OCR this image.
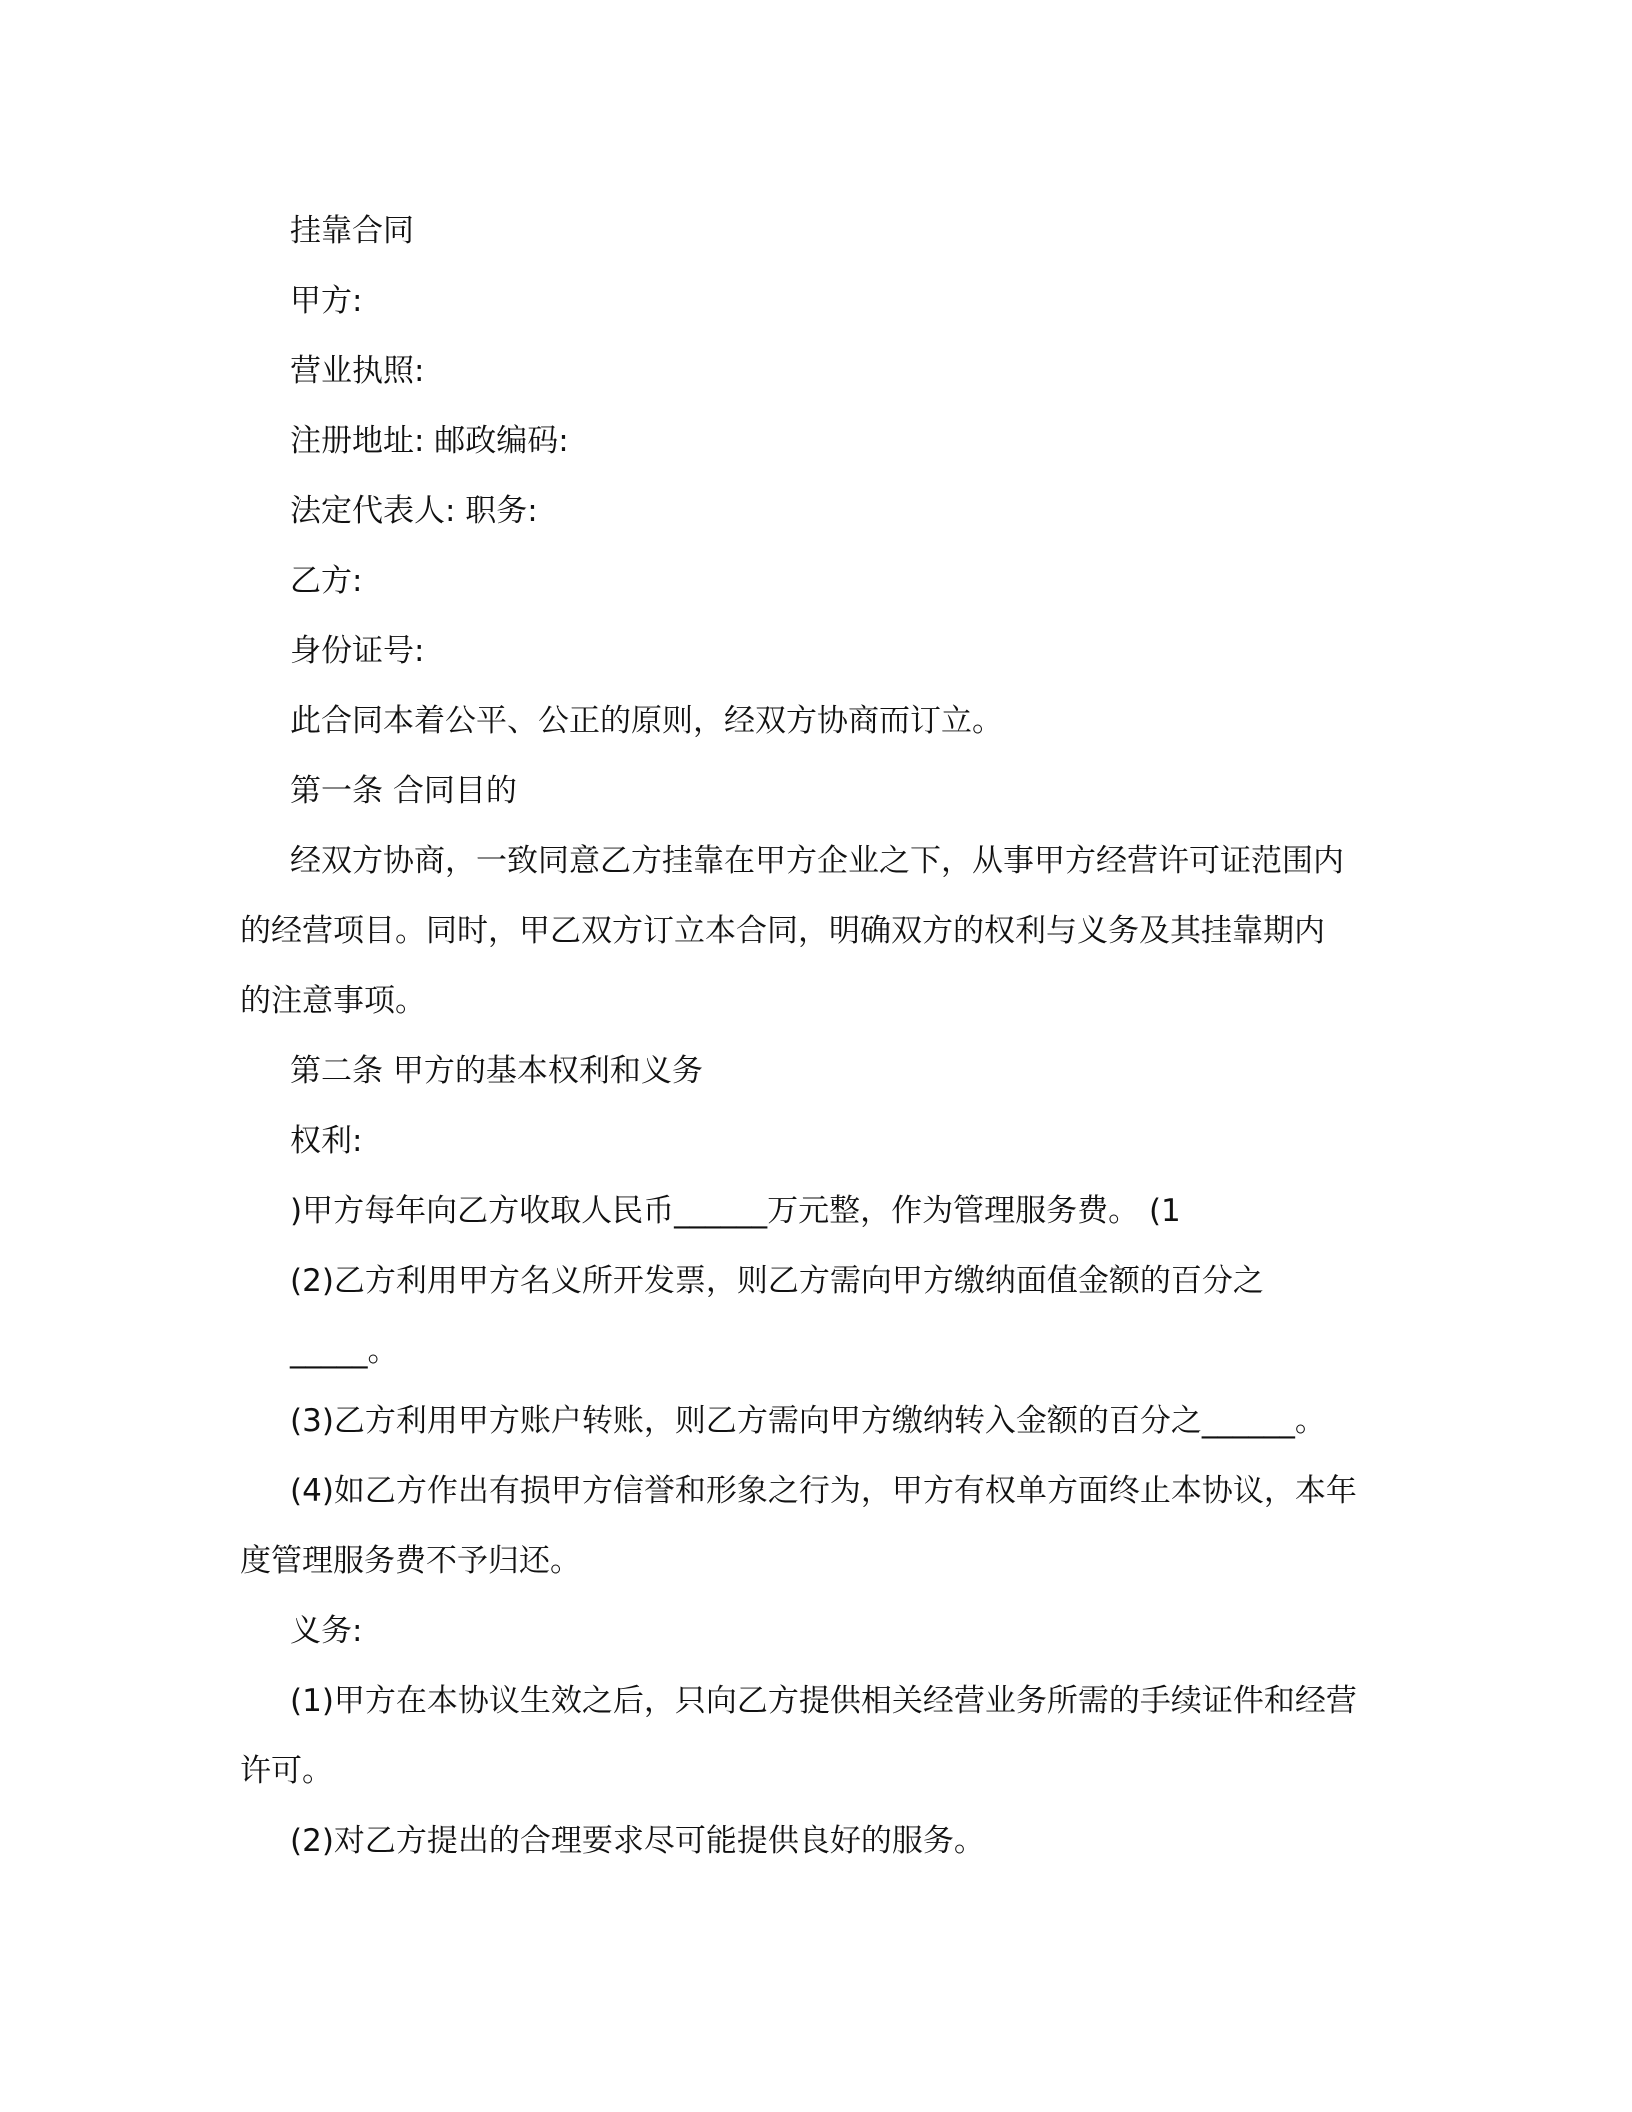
挂靠合同

甲方:

营业执照:

注册地址: 邮政编码:

法定代表人: 职务:

乙方:

身份证号:

此合同本着公平、公正的原则，经双方协商而订立。

第一条 合同目的

经双方协商，一致同意乙方挂靠在甲方企业之下，从事甲方经营许可证范围内

的经营项目。同时，甲乙双方订立本合同，明确双方的权利与义务及其挂靠期内

的注意事项。

第二条 甲方的基本权利和义务

权利:

)甲方每年向乙方收取人民币______万元整，作为管理服务费。 (1

(2)乙方利用甲方名义所开发票，则乙方需向甲方缴纳面值金额的百分之

_____。

(3)乙方利用甲方账户转账，则乙方需向甲方缴纳转入金额的百分之______。

(4)如乙方作出有损甲方信誉和形象之行为，甲方有权单方面终止本协议，本年

度管理服务费不予归还。

义务:

(1)甲方在本协议生效之后，只向乙方提供相关经营业务所需的手续证件和经营

许可。

(2)对乙方提出的合理要求尽可能提供良好的服务。
